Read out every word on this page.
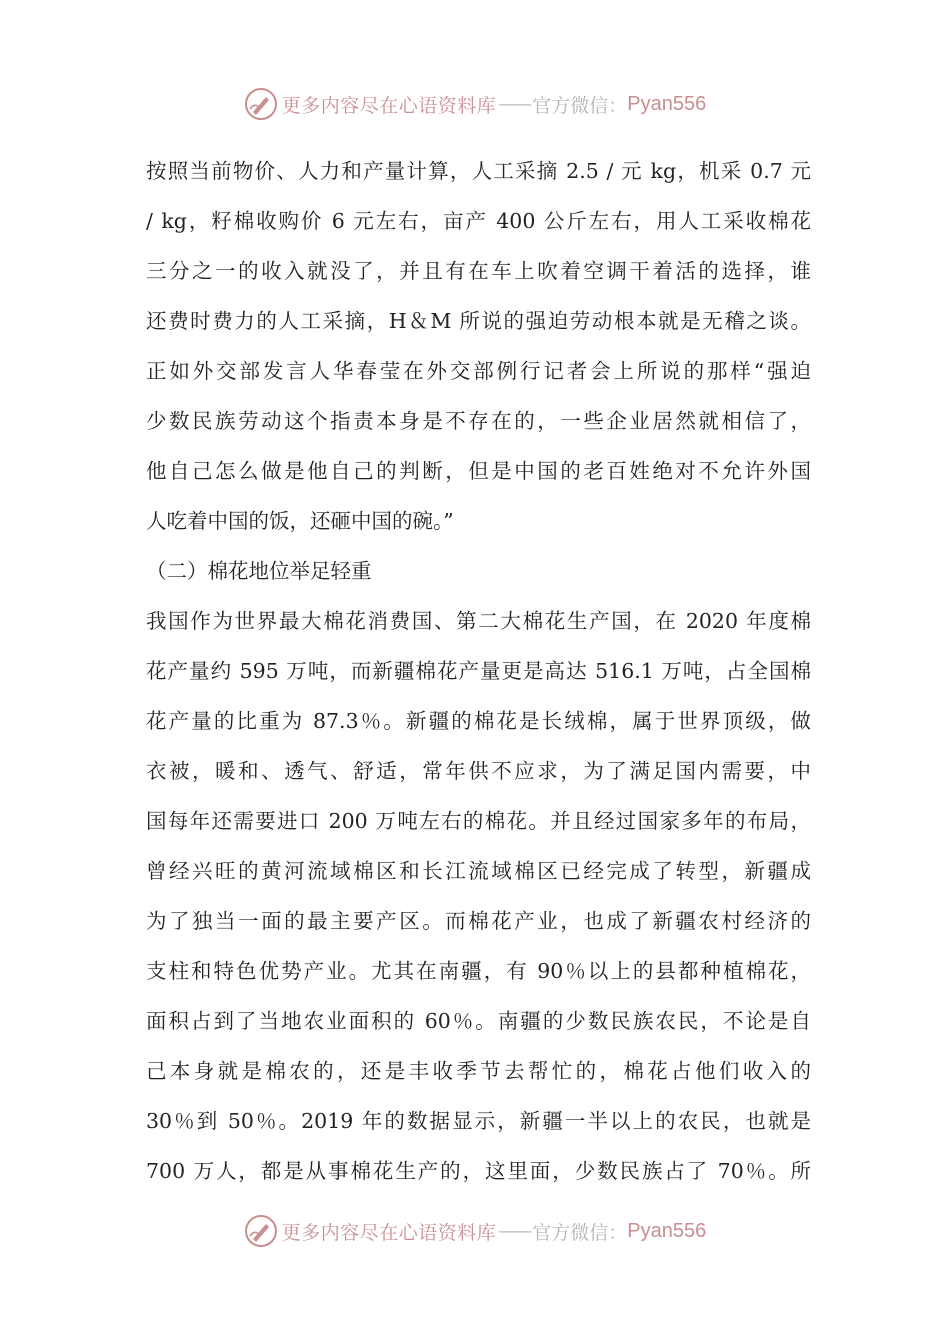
更多内容尽在心语资料库 —— 官方微信： Pyan556
按照当前物价、人力和产量计算，人工采摘 2.5 / 元 kg，机采 0.7 元
/ kg，籽棉收购价 6 元左右，亩产 400 公斤左右，用人工采收棉花
三分之一的收入就没了，并且有在车上吹着空调干着活的选择，谁
还费时费力的人工采摘，H＆M 所说的强迫劳动根本就是无稽之谈。
正如外交部发言人华春莹在外交部例行记者会上所说的那样“强迫
少数民族劳动这个指责本身是不存在的，一些企业居然就相信了，
他自己怎么做是他自己的判断，但是中国的老百姓绝对不允许外国
人吃着中国的饭，还砸中国的碗。”
（二）棉花地位举足轻重
我国作为世界最大棉花消费国、第二大棉花生产国，在 2020 年度棉
花产量约 595 万吨，而新疆棉花产量更是高达 516.1 万吨，占全国棉
花产量的比重为 87.3％。新疆的棉花是长绒棉，属于世界顶级，做
衣被，暖和、透气、舒适，常年供不应求，为了满足国内需要，中
国每年还需要进口 200 万吨左右的棉花。并且经过国家多年的布局，
曾经兴旺的黄河流域棉区和长江流域棉区已经完成了转型，新疆成
为了独当一面的最主要产区。而棉花产业，也成了新疆农村经济的
支柱和特色优势产业。尤其在南疆，有 90％以上的县都种植棉花，
面积占到了当地农业面积的 60％。南疆的少数民族农民，不论是自
己本身就是棉农的，还是丰收季节去帮忙的，棉花占他们收入的
30％到 50％。2019 年的数据显示，新疆一半以上的农民，也就是
700 万人，都是从事棉花生产的，这里面，少数民族占了 70％。所
更多内容尽在心语资料库 —— 官方微信： Pyan556
